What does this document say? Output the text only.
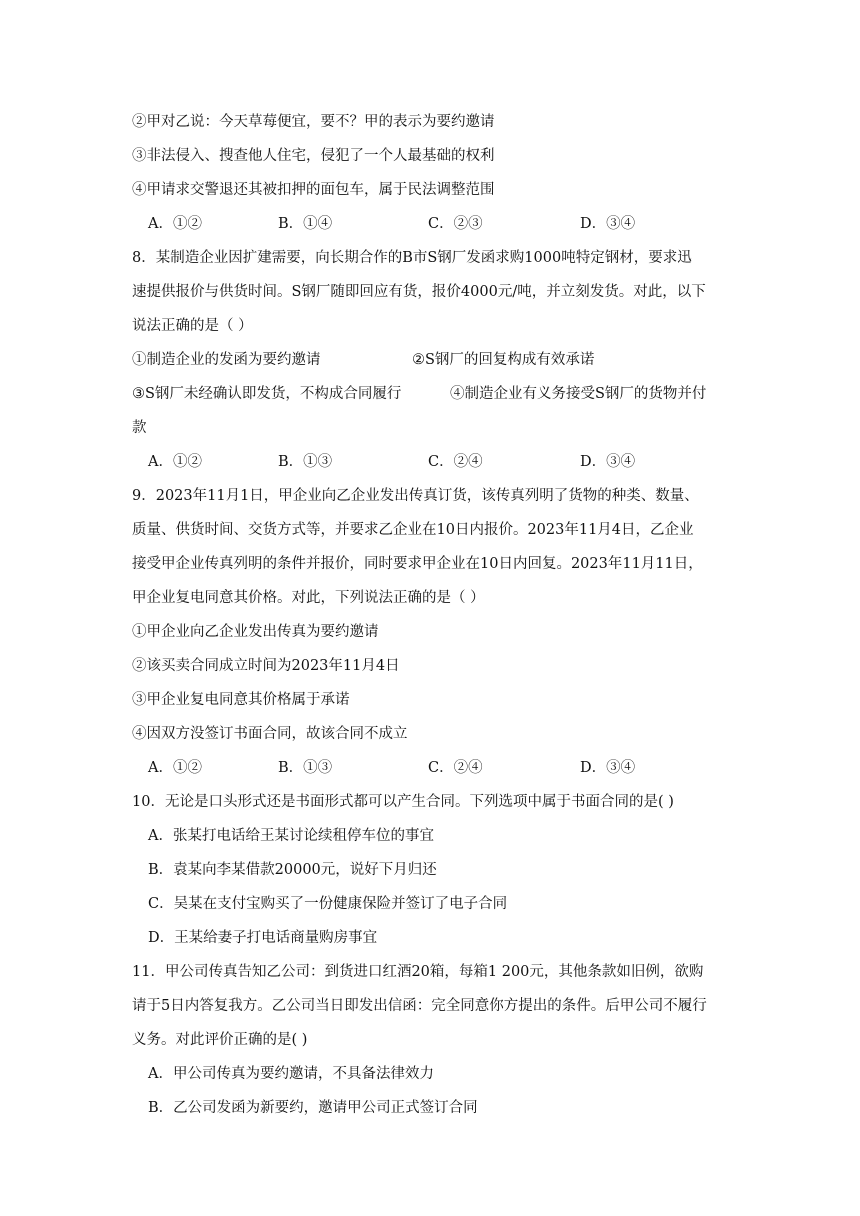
②甲对乙说：今天草莓便宜，要不？甲的表示为要约邀请
③非法侵入、搜查他人住宅，侵犯了一个人最基础的权利
④甲请求交警退还其被扣押的面包车，属于民法调整范围
A．①②	B．①④	C．②③	D．③④
8．某制造企业因扩建需要，向长期合作的B市S钢厂发函求购1000吨特定钢材，要求迅
速提供报价与供货时间。S钢厂随即回应有货，报价4000元/吨，并立刻发货。对此，以下
说法正确的是（ ）
①制造企业的发函为要约邀请	②S钢厂的回复构成有效承诺
③S钢厂未经确认即发货，不构成合同履行	④制造企业有义务接受S钢厂的货物并付
款
A．①②	B．①③	C．②④	D．③④
9．2023年11月1日，甲企业向乙企业发出传真订货，该传真列明了货物的种类、数量、
质量、供货时间、交货方式等，并要求乙企业在10日内报价。2023年11月4日，乙企业
接受甲企业传真列明的条件并报价，同时要求甲企业在10日内回复。2023年11月11日，
甲企业复电同意其价格。对此，下列说法正确的是（ ）
①甲企业向乙企业发出传真为要约邀请
②该买卖合同成立时间为2023年11月4日
③甲企业复电同意其价格属于承诺
④因双方没签订书面合同，故该合同不成立
A．①②	B．①③	C．②④	D．③④
10．无论是口头形式还是书面形式都可以产生合同。下列选项中属于书面合同的是( )
A．张某打电话给王某讨论续租停车位的事宜
B．袁某向李某借款20000元，说好下月归还
C．吴某在支付宝购买了一份健康保险并签订了电子合同
D．王某给妻子打电话商量购房事宜
11．甲公司传真告知乙公司：到货进口红酒20箱，每箱1 200元，其他条款如旧例，欲购
请于5日内答复我方。乙公司当日即发出信函：完全同意你方提出的条件。后甲公司不履行
义务。对此评价正确的是( )
A．甲公司传真为要约邀请，不具备法律效力
B．乙公司发函为新要约，邀请甲公司正式签订合同
